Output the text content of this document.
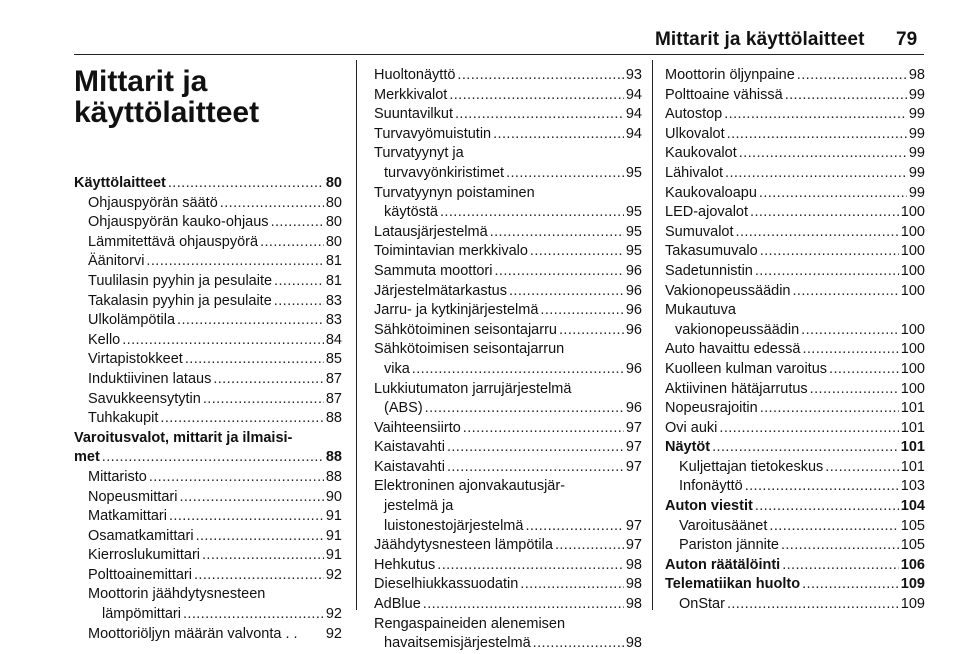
Mittarit ja käyttölaitteet 79
Mittarit ja
käyttölaitteet
Käyttölaitteet .....	80
Ohjauspyörän säätö .....	80
Ohjauspyörän kauko-ohjaus .....	80
Lämmitettävä ohjauspyörä .....	80
Äänitorvi .....	81
Tuulilasin pyyhin ja pesulaite .....	81
Takalasin pyyhin ja pesulaite .....	83
Ulkolämpötila .....	83
Kello .....	84
Virtapistokkeet .....	85
Induktiivinen lataus .....	87
Savukkeensytytin .....	87
Tuhkakupit .....	88
Varoitusvalot, mittarit ja ilmaisi-
met .....	88
Mittaristo .....	88
Nopeusmittari .....	90
Matkamittari .....	91
Osamatkamittari .....	91
Kierroslukumittari .....	91
Polttoainemittari .....	92
Moottorin jäähdytysnesteen
lämpömittari .....	92
Moottoriöljyn määrän valvonta . . 92
Huoltonäyttö .....	93
Merkkivalot .....	94
Suuntavilkut .....	94
Turvavyömuistutin .....	94
Turvatyynyt ja
turvavyönkiristimet .....	95
Turvatyynyn poistaminen
käytöstä .....	95
Latausjärjestelmä .....	95
Toimintavian merkkivalo .....	95
Sammuta moottori .....	96
Järjestelmätarkastus .....	96
Jarru- ja kytkinjärjestelmä .....	96
Sähkötoiminen seisontajarru .....	96
Sähkötoimisen seisontajarrun
vika .....	96
Lukkiutumaton jarrujärjestelmä
(ABS) .....	96
Vaihteensiirto .....	97
Kaistavahti .....	97
Kaistavahti .....	97
Elektroninen ajonvakautusjär-
jestelmä ja
luistonestojärjestelmä .....	97
Jäähdytysnesteen lämpötila .....	97
Hehkutus .....	98
Dieselhiukkassuodatin .....	98
AdBlue .....	98
Rengaspaineiden alenemisen
havaitsemisjärjestelmä .....	98
Moottorin öljynpaine .....	98
Polttoaine vähissä .....	99
Autostop .....	99
Ulkovalot .....	99
Kaukovalot .....	99
Lähivalot .....	99
Kaukovaloapu .....	99
LED-ajovalot .....	100
Sumuvalot .....	100
Takasumuvalo .....	100
Sadetunnistin .....	100
Vakionopeussäädin .....	100
Mukautuva
vakionopeussäädin .....	100
Auto havaittu edessä .....	100
Kuolleen kulman varoitus .....	100
Aktiivinen hätäjarrutus .....	100
Nopeusrajoitin .....	101
Ovi auki .....	101
Näytöt .....	101
Kuljettajan tietokeskus .....	101
Infonäyttö .....	103
Auton viestit .....	104
Varoitusäänet .....	105
Pariston jännite .....	105
Auton räätälöinti .....	106
Telematiikan huolto .....	109
OnStar .....	109
